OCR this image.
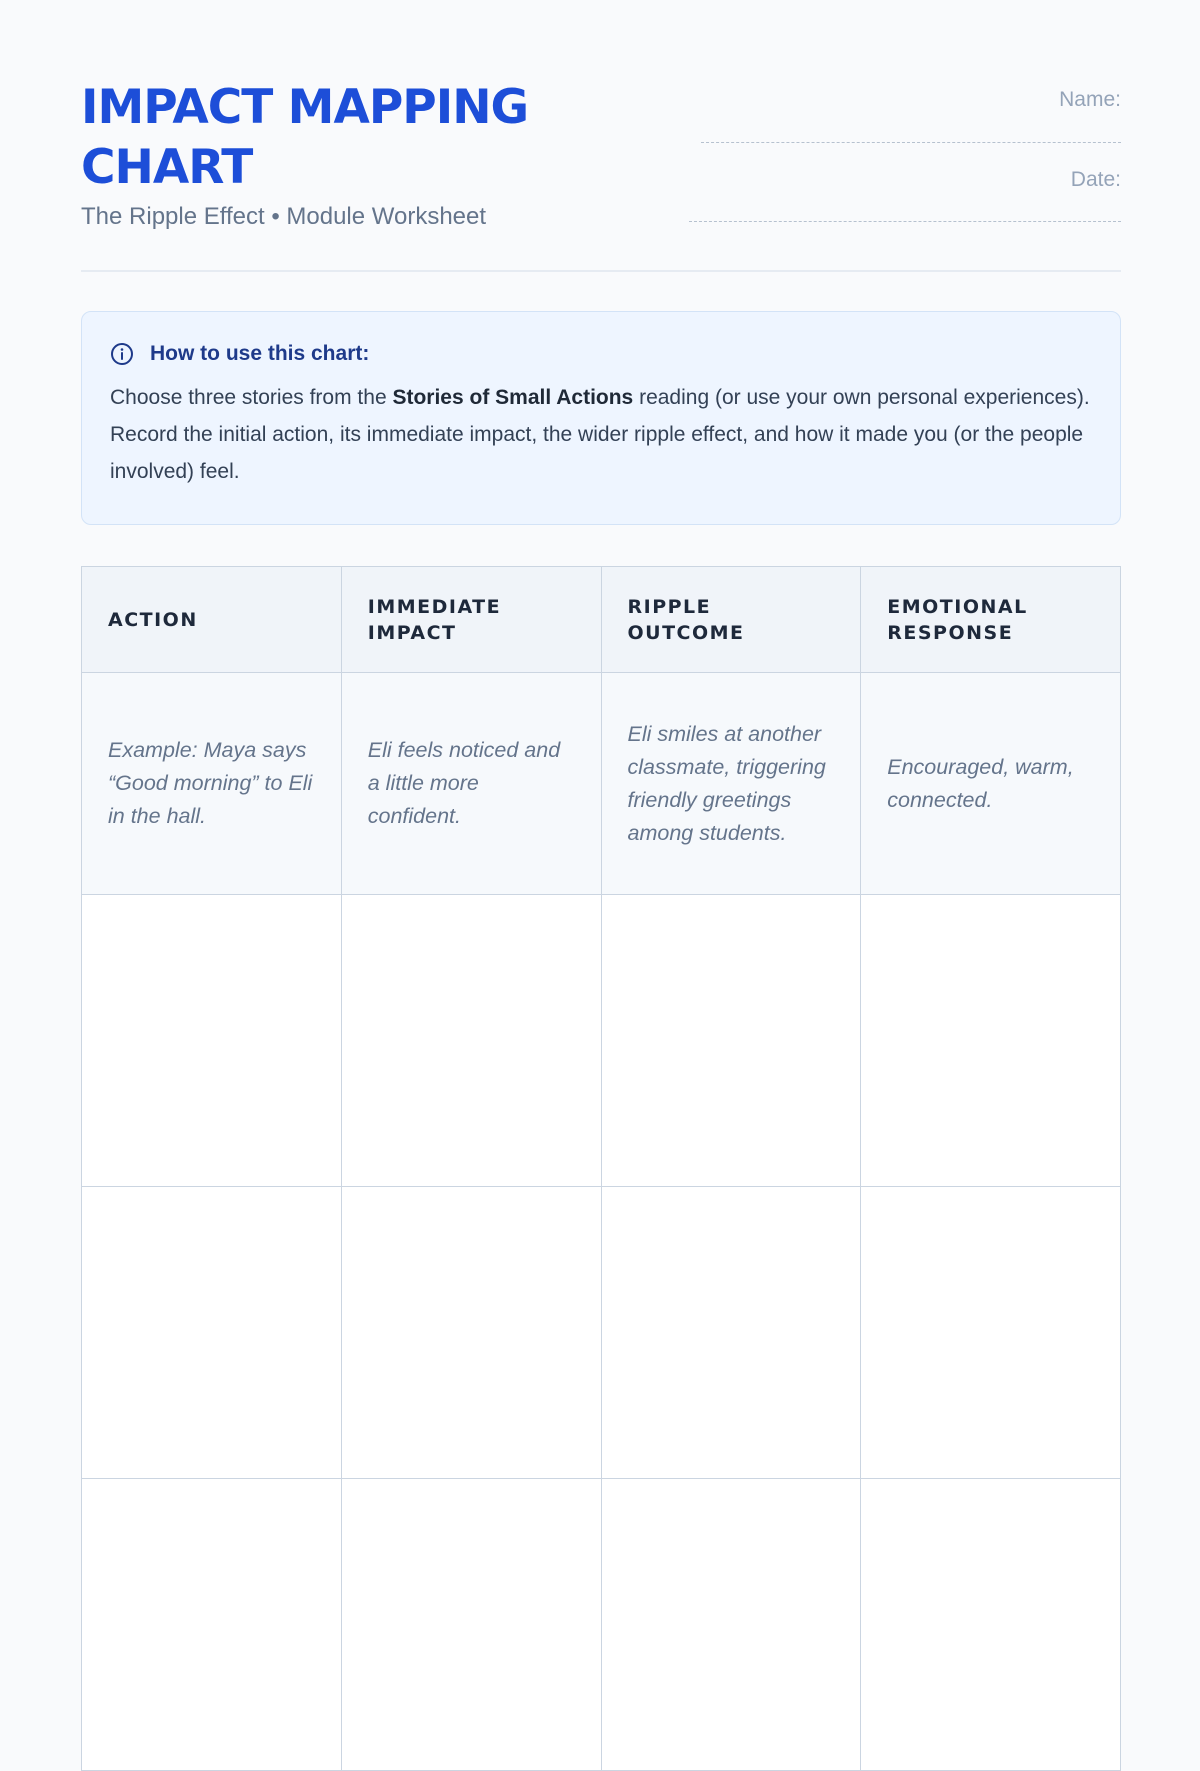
IMPACT MAPPING
CHART
The Ripple Effect • Module Worksheet
Name:
Date:
How to use this chart:
Choose three stories from the Stories of Small Actions reading (or use your own personal experiences). Record the initial action, its immediate impact, the wider ripple effect, and how it made you (or the people involved) feel.
ACTION	IMMEDIATE IMPACT	RIPPLE OUTCOME	EMOTIONAL RESPONSE
Example: Maya says “Good morning” to Eli in the hall.	Eli feels noticed and a little more confident.	Eli smiles at another classmate, triggering friendly greetings among students.	Encouraged, warm, connected.
